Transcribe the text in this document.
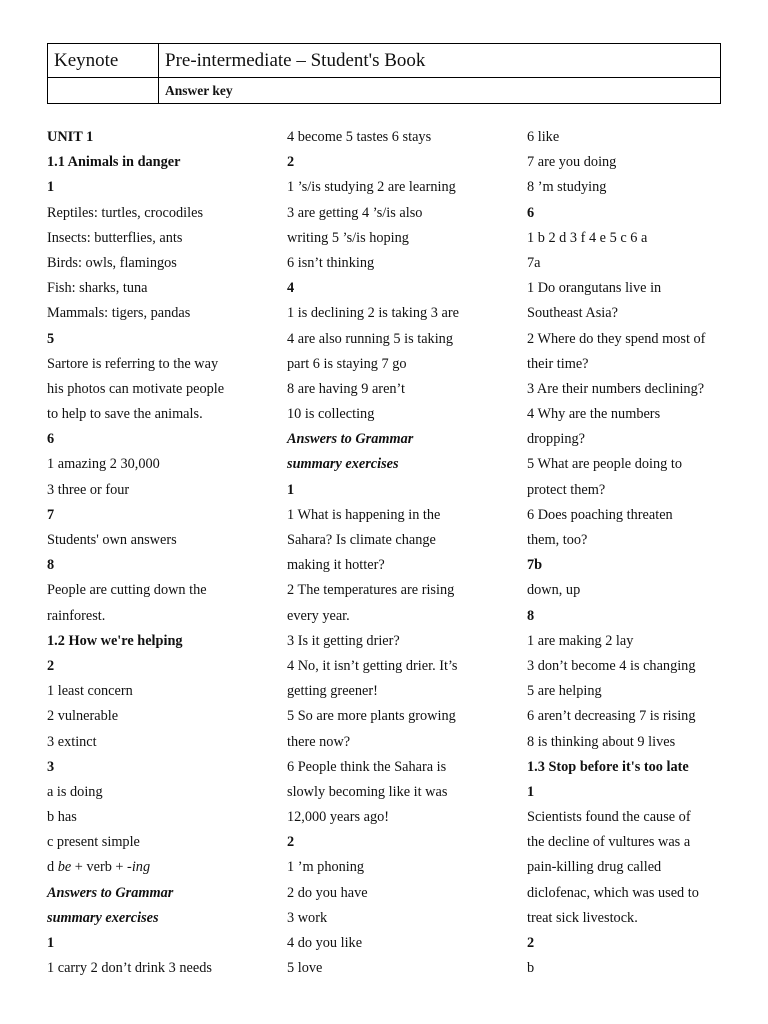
Keynote	Pre-intermediate – Student's Book
	Answer key
UNIT 1
1.1 Animals in danger
1
Reptiles: turtles, crocodiles
Insects: butterflies, ants
Birds: owls, flamingos
Fish: sharks, tuna
Mammals: tigers, pandas
5
Sartore is referring to the way
his photos can motivate people
to help to save the animals.
6
1 amazing 2 30,000
3 three or four
7
Students' own answers
8
People are cutting down the
rainforest.
1.2 How we're helping
2
1 least concern
2 vulnerable
3 extinct
3
a is doing
b has
c present simple
d be + verb + -ing
Answers to Grammar
summary exercises
1
1 carry 2 don’t drink 3 needs
4 become 5 tastes 6 stays
2
1 ’s/is studying 2 are learning
3 are getting 4 ’s/is also
writing 5 ’s/is hoping
6 isn’t thinking
4
1 is declining 2 is taking 3 are
4 are also running 5 is taking
part 6 is staying 7 go
8 are having 9 aren’t
10 is collecting
Answers to Grammar
summary exercises
1
1 What is happening in the
Sahara? Is climate change
making it hotter?
2 The temperatures are rising
every year.
3 Is it getting drier?
4 No, it isn’t getting drier. It’s
getting greener!
5 So are more plants growing
there now?
6 People think the Sahara is
slowly becoming like it was
12,000 years ago!
2
1 ’m phoning
2 do you have
3 work
4 do you like
5 love
6 like
7 are you doing
8 ’m studying
6
1 b 2 d 3 f 4 e 5 c 6 a
7a
1 Do orangutans live in
Southeast Asia?
2 Where do they spend most of
their time?
3 Are their numbers declining?
4 Why are the numbers
dropping?
5 What are people doing to
protect them?
6 Does poaching threaten
them, too?
7b
down, up
8
1 are making 2 lay
3 don’t become 4 is changing
5 are helping
6 aren’t decreasing 7 is rising
8 is thinking about 9 lives
1.3 Stop before it's too late
1
Scientists found the cause of
the decline of vultures was a
pain-killing drug called
diclofenac, which was used to
treat sick livestock.
2
b
